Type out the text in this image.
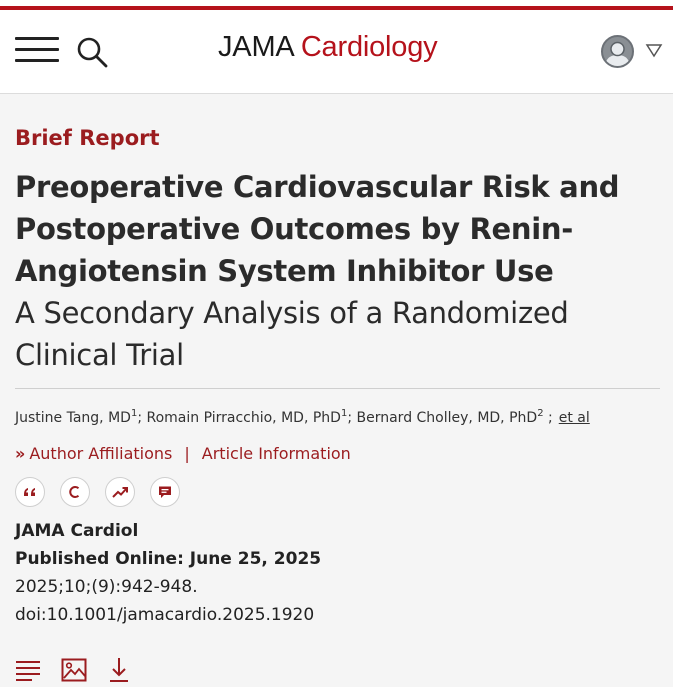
JAMA Cardiology
Brief Report
Preoperative Cardiovascular Risk and Postoperative Outcomes by Renin-Angiotensin System Inhibitor Use
A Secondary Analysis of a Randomized Clinical Trial
Justine Tang, $MD^1$; Romain Pirracchio, MD, PhD$^1$; Bernard Cholley, MD, PhD$^2$ ; et al
» Author Affiliations | Article Information
JAMA Cardiol
Published Online: June 25, 2025
2025;10;(9):942-948.
doi:10.1001/jamacardio.2025.1920
